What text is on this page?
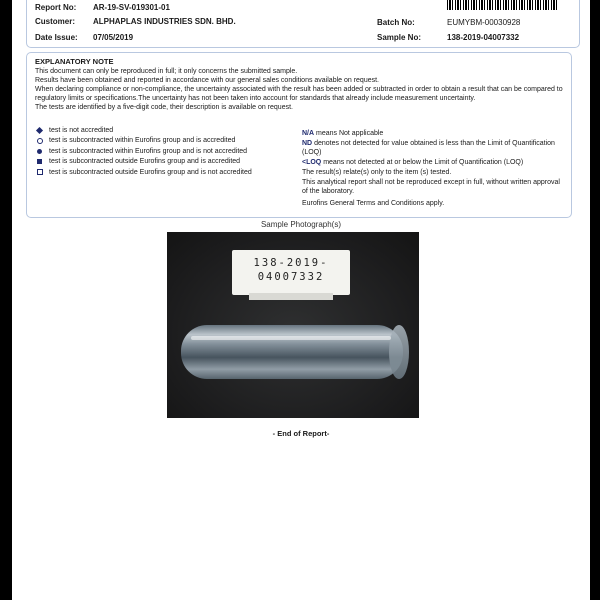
Report No: AR-19-SV-019301-01
Customer: ALPHAPLAS INDUSTRIES SDN. BHD.
Date Issue: 07/05/2019
Batch No:	EUMYBM-00030928
Sample No:	138-2019-04007332
EXPLANATORY NOTE

This document can only be reproduced in full; it only concerns the submitted sample.

Results have been obtained and reported in accordance with our general sales conditions available on request.

When declaring compliance or non-compliance, the uncertainty associated with the result has been added or subtracted in order to obtain a result that can be compared to regulatory limits or specifications.The uncertainty has not been taken into account for standards that already include measurement uncertainty.

The tests are identified by a five-digit code, their description is available on request.

test is not accredited
test is subcontracted within Eurofins group and is accredited
test is subcontracted within Eurofins group and is not accredited
test is subcontracted outside Eurofins group and is accredited
test is subcontracted outside Eurofins group and is not accredited

N/A means Not applicable

ND denotes not detected for value obtained is less than the Limit of Quantification (LOQ)

<LOQ means not detected at or below the Limit of Quantification (LOQ)

The result(s) relate(s) only to the item (s) tested.

This analytical report shall not be reproduced except in full, without written approval of the laboratory.

Eurofins General Terms and Conditions apply.

Sample Photograph(s)
138-2019-
04007332
- End of Report-
